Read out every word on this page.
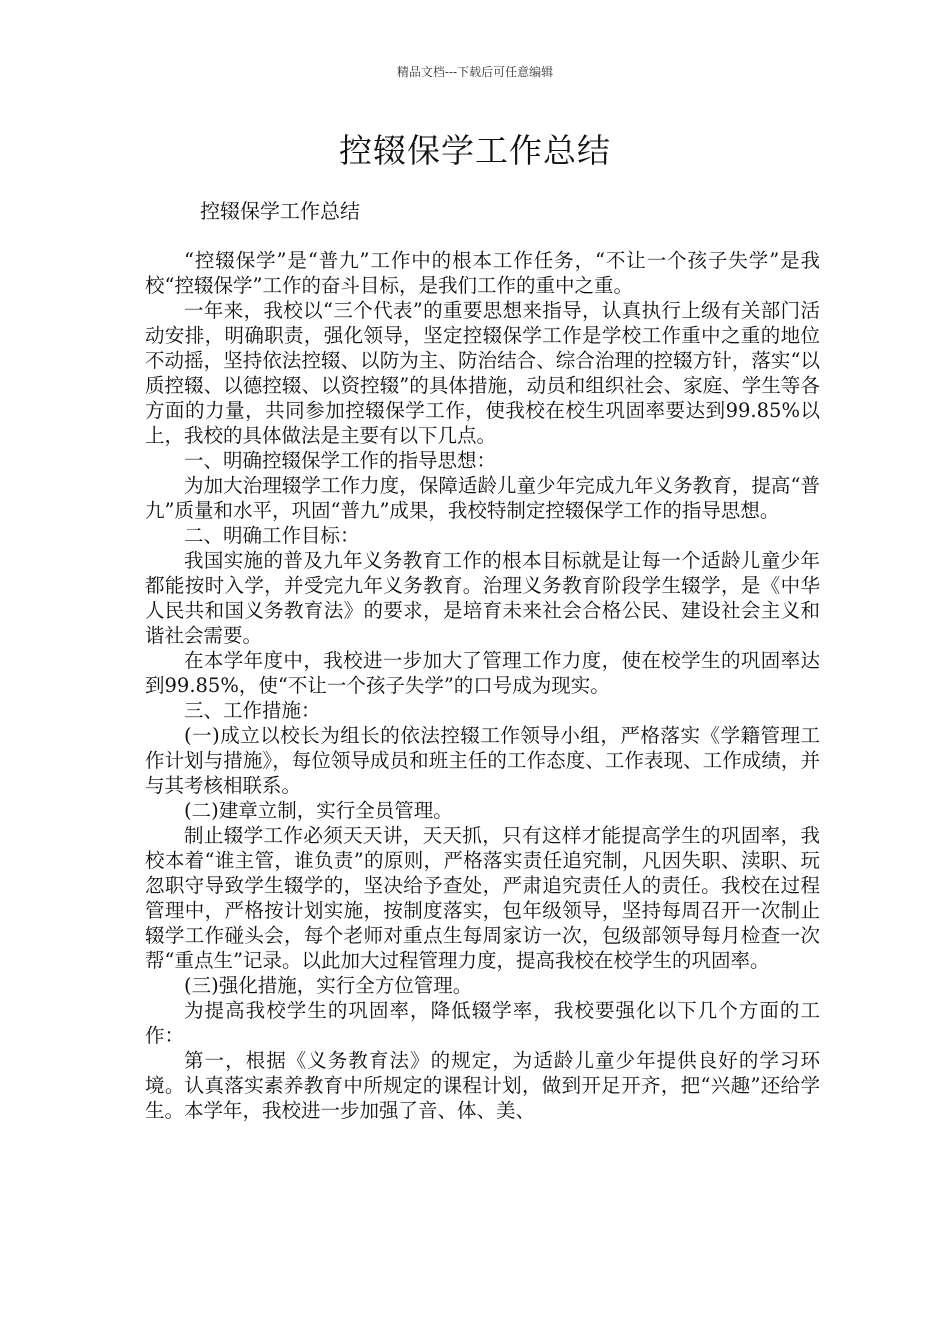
精品文档---下载后可任意编辑
控辍保学工作总结

控辍保学工作总结

“控辍保学”是“普九”工作中的根本工作任务，“不让一个孩子失学”是我校“控辍保学”工作的奋斗目标，是我们工作的重中之重。

一年来，我校以“三个代表”的重要思想来指导，认真执行上级有关部门活动安排，明确职责，强化领导，坚定控辍保学工作是学校工作重中之重的地位不动摇，坚持依法控辍、以防为主、防治结合、综合治理的控辍方针，落实“以质控辍、以德控辍、以资控辍”的具体措施，动员和组织社会、家庭、学生等各方面的力量，共同参加控辍保学工作，使我校在校生巩固率要达到99.85%以上，我校的具体做法是主要有以下几点。

一、明确控辍保学工作的指导思想：

为加大治理辍学工作力度，保障适龄儿童少年完成九年义务教育，提高“普九”质量和水平，巩固“普九”成果，我校特制定控辍保学工作的指导思想。

二、明确工作目标：

我国实施的普及九年义务教育工作的根本目标就是让每一个适龄儿童少年都能按时入学，并受完九年义务教育。治理义务教育阶段学生辍学，是《中华人民共和国义务教育法》的要求，是培育未来社会合格公民、建设社会主义和谐社会需要。

在本学年度中，我校进一步加大了管理工作力度，使在校学生的巩固率达到99.85%，使“不让一个孩子失学”的口号成为现实。

三、工作措施：

(一)成立以校长为组长的依法控辍工作领导小组，严格落实《学籍管理工作计划与措施》，每位领导成员和班主任的工作态度、工作表现、工作成绩，并与其考核相联系。

(二)建章立制，实行全员管理。

制止辍学工作必须天天讲，天天抓，只有这样才能提高学生的巩固率，我校本着“谁主管，谁负责”的原则，严格落实责任追究制，凡因失职、渎职、玩忽职守导致学生辍学的，坚决给予查处，严肃追究责任人的责任。我校在过程管理中，严格按计划实施，按制度落实，包年级领导，坚持每周召开一次制止辍学工作碰头会，每个老师对重点生每周家访一次，包级部领导每月检查一次帮“重点生”记录。以此加大过程管理力度，提高我校在校学生的巩固率。

(三)强化措施，实行全方位管理。

为提高我校学生的巩固率，降低辍学率，我校要强化以下几个方面的工作：

第一，根据《义务教育法》的规定，为适龄儿童少年提供良好的学习环境。认真落实素养教育中所规定的课程计划，做到开足开齐，把“兴趣”还给学生。本学年，我校进一步加强了音、体、美、
